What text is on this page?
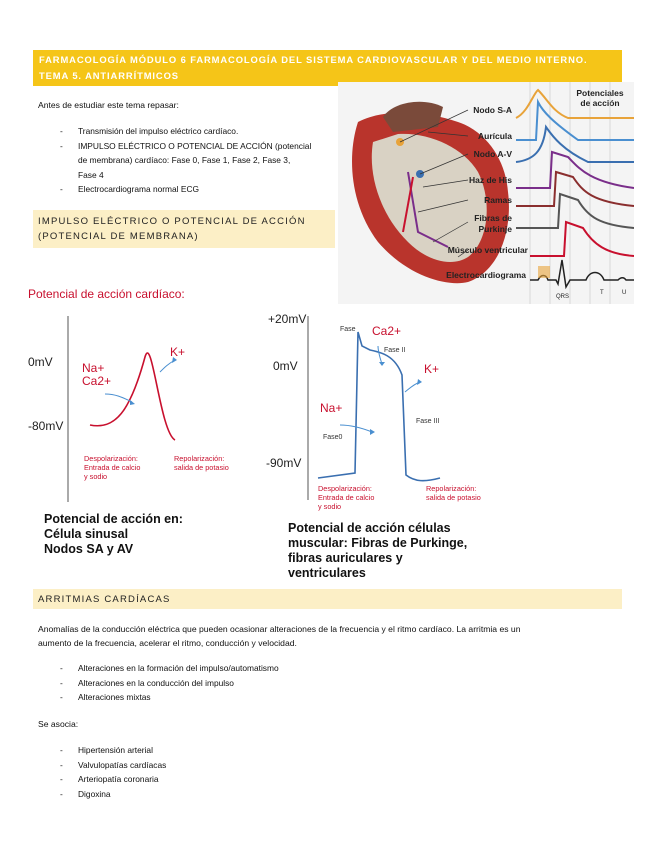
FARMACOLOGÍA MÓDULO 6 FARMACOLOGÍA DEL SISTEMA CARDIOVASCULAR Y DEL MEDIO INTERNO.
TEMA 5. ANTIARRÍTMICOS
Antes de estudiar este tema repasar:
- Transmisión del impulso eléctrico cardíaco.
- IMPULSO ELÉCTRICO O POTENCIAL DE ACCIÓN (potencial
de membrana) cardíaco: Fase 0, Fase 1, Fase 2, Fase 3,
Fase 4
- Electrocardiograma normal ECG
IMPULSO ELÉCTRICO O POTENCIAL DE ACCIÓN
(POTENCIAL DE MEMBRANA)
Nodo S-A
Aurícula
Nodo A-V
Haz de His
Ramas
Fibras de
Purkinje
Músculo ventricular
Electrocardiograma
Potenciales
de acción
QRS
T	U
Potencial de acción cardíaco:
0mV
-80mV
Na+
Ca2+
K+
Despolarización:
Entrada de calcio
y sodio
Repolarización:
salida de potasio
Potencial de acción en:
Célula sinusal
Nodos SA y AV
+20mV
0mV
-90mV
Fase
Fase II
Fase III
Fase0
Ca2+
Na+
K+
Despolarización:
Entrada de calcio
y sodio
Repolarización:
salida de potasio
Potencial de acción células
muscular: Fibras de Purkinge,
fibras auriculares y
ventriculares
ARRITMIAS CARDÍACAS
Anomalías de la conducción eléctrica que pueden ocasionar alteraciones de la frecuencia y el ritmo cardíaco. La arritmia es un
aumento de la frecuencia, acelerar el ritmo, conducción y velocidad.
- Alteraciones en la formación del impulso/automatismo
- Alteraciones en la conducción del impulso
- Alteraciones mixtas
Se asocia:
- Hipertensión arterial
- Valvulopatías cardíacas
- Arteriopatía coronaria
- Digoxina
